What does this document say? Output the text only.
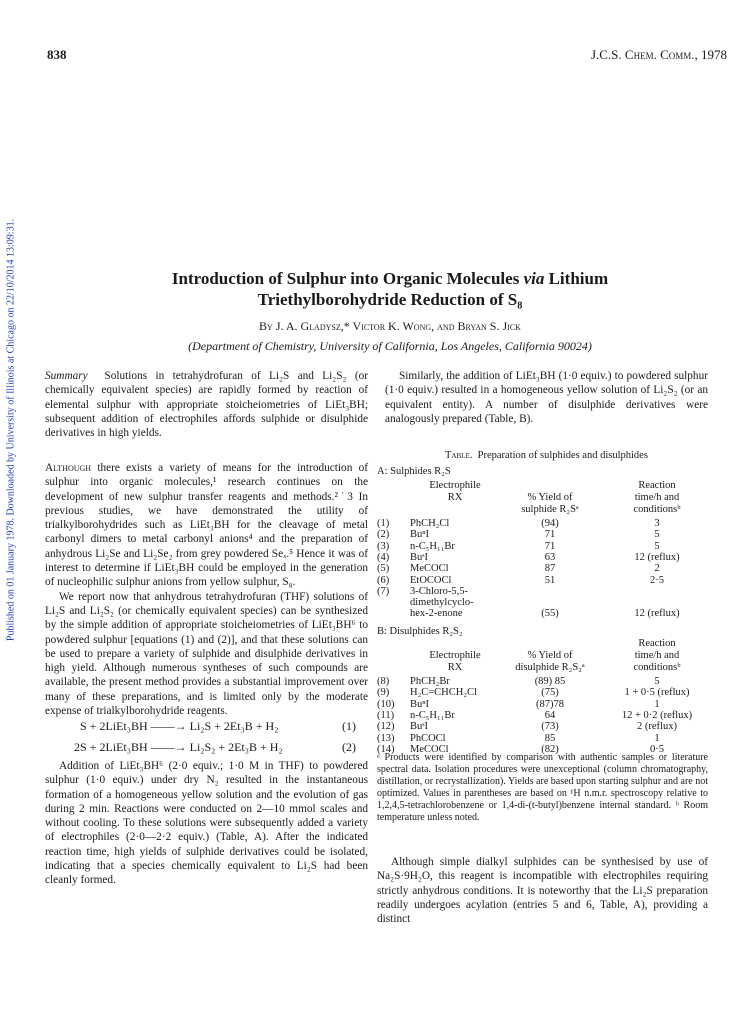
838	J.C.S. Chem. Comm., 1978
Published on 01 January 1978. Downloaded by University of Illinois at Chicago on 22/10/2014 13:09:31.	Introduction of Sulphur into Organic Molecules via Lithium
Triethylborohydride Reduction of S₈
By J. A. Gladysz,* Victor K. Wong, and Bryan S. Jick
(Department of Chemistry, University of California, Los Angeles, California 90024)

Summary Solutions in tetrahydrofuran of Li₂S and Li₂S₂ (or chemically equivalent species) are rapidly formed by reaction of elemental sulphur with appropriate stoicheiometries of LiEt₃BH; subsequent addition of electrophiles affords sulphide or disulphide derivatives in high yields.

Although there exists a variety of means for the introduction of sulphur into organic molecules,¹ research continues on the development of new sulphur transfer reagents and methods.²˙3 In previous studies, we have demonstrated the utility of trialkylborohydrides such as LiEt₃BH for the cleavage of metal carbonyl dimers to metal carbonyl anions⁴ and the preparation of anhydrous Li₂Se and Li₂Se₂ from grey powdered Seₓ.⁵ Hence it was of interest to determine if LiEt₃BH could be employed in the generation of nucleophilic sulphur anions from yellow sulphur, S₈.

We report now that anhydrous tetrahydrofuran (THF) solutions of Li₂S and Li₂S₂ (or chemically equivalent species) can be synthesized by the simple addition of appropriate stoicheiometries of LiEt₃BH⁶ to powdered sulphur [equations (1) and (2)], and that these solutions can be used to prepare a variety of sulphide and disulphide derivatives in high yield. Although numerous syntheses of such compounds are available, the present method provides a substantial improvement over many of these preparations, and is limited only by the moderate expense of trialkylborohydride reagents.

S + 2LiEt₃BH ——→ Li₂S + 2Et₃B + H₂	(1)
2S + 2LiEt₃BH ——→ Li₂S₂ + 2Et₃B + H₂	(2)

Addition of LiEt₃BH⁶ (2·0 equiv.; 1·0 M in THF) to powdered sulphur (1·0 equiv.) under dry N₂ resulted in the instantaneous formation of a homogeneous yellow solution and the evolution of gas during 2 min. Reactions were conducted on 2—10 mmol scales and without cooling. To these solutions were subsequently added a variety of electrophiles (2·0—2·2 equiv.) (Table, A). After the indicated reaction time, high yields of sulphide derivatives could be isolated, indicating that a species chemically equivalent to Li₂S had been cleanly formed.

Similarly, the addition of LiEt₃BH (1·0 equiv.) to powdered sulphur (1·0 equiv.) resulted in a homogeneous yellow solution of Li₂S₂ (or an equivalent entity). A number of disulphide derivatives were analogously prepared (Table, B).

Table. Preparation of sulphides and disulphides
A: Sulphides R₂S
Electrophile
RX	% Yield of
sulphide R₂Sᵃ
Reaction
time/h and
conditionsᵇ
(1) PhCH₂Cl	(94)	3
(2) BuⁿI	71	5
(3) n-C₅H₁₁Br	71	5
(4) BuˢI	63	12 (reflux)
(5) MeCOCl	87	2
(6) EtOCOCl	51	2·5
(7) 3-Chloro-5,5-
dimethylcyclo-
hex-2-enone	(55)	12 (reflux)
B: Disulphides R₂S₂
Electrophile
RX
% Yield of
disulphide R₂S₂ᵃ
Reaction
time/h and
conditionsᵇ
(8) PhCH₂Br	(89) 85	5
(9) H₂C=CHCH₂Cl	(75)	1 + 0·5 (reflux)
(10) BuⁿI	(87)78	1
(11) n-C₅H₁₁Br	64	12 + 0·2 (reflux)
(12) BuˢI	(73)	2 (reflux)
(13) PhCOCl	85	1
(14) MeCOCl	(82)	0·5
ᵃ Products were identified by comparison with authentic samples or literature spectral data. Isolation procedures were unexceptional (column chromatography, distillation, or recrystallization). Yields are based upon starting sulphur and are not optimized. Values in parentheses are based on ¹H n.m.r. spectroscopy relative to 1,2,4,5-tetrachlorobenzene or 1,4-di-(t-butyl)benzene internal standard. ᵇ Room temperature unless noted.

Although simple dialkyl sulphides can be synthesised by use of Na₂S·9H₂O, this reagent is incompatible with electrophiles requiring strictly anhydrous conditions. It is noteworthy that the Li₂S preparation readily undergoes acylation (entries 5 and 6, Table, A), providing a distinct
